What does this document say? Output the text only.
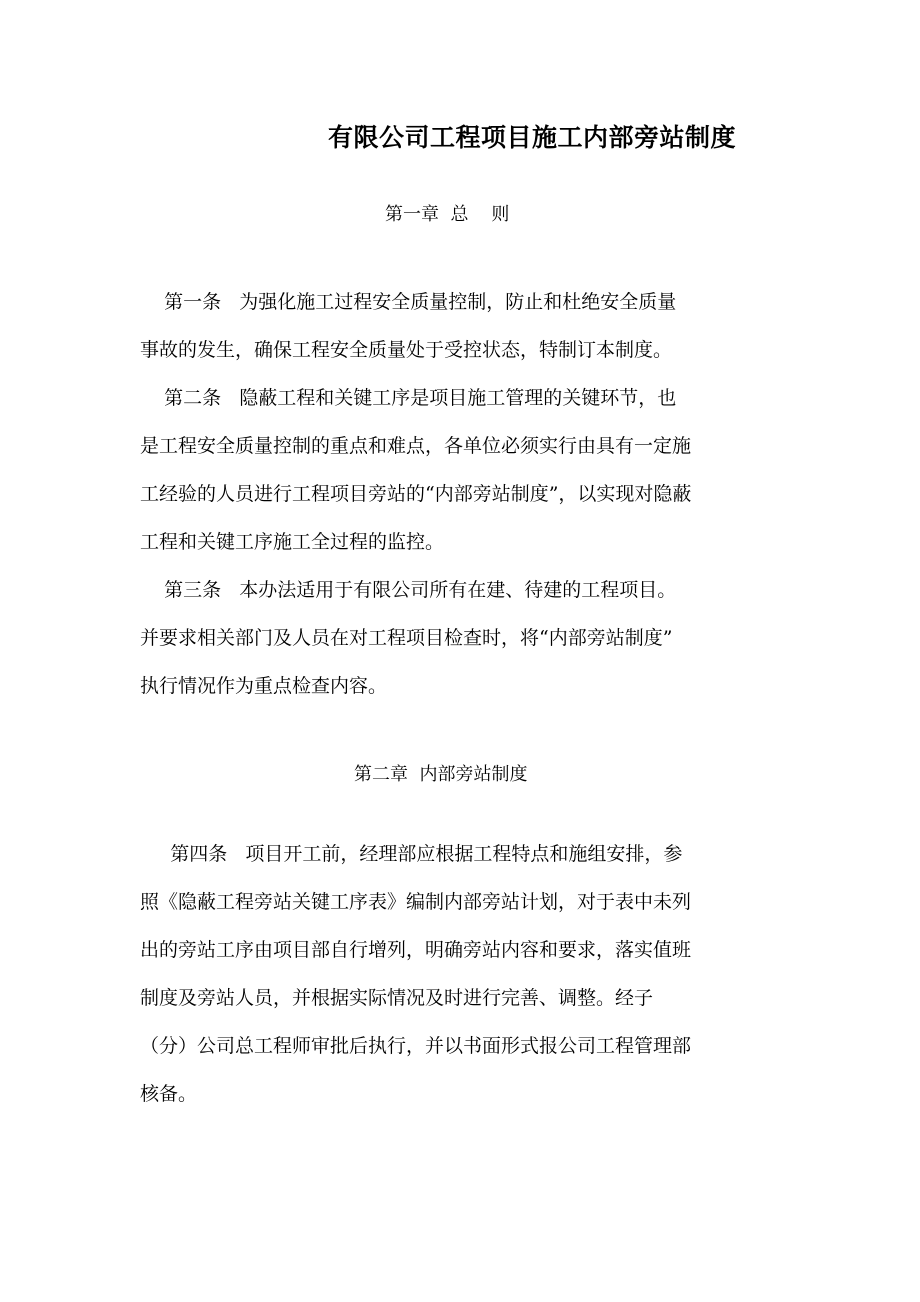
有限公司工程项目施工内部旁站制度
第一章  总    则
第一条   为强化施工过程安全质量控制，防止和杜绝安全质量
事故的发生，确保工程安全质量处于受控状态，特制订本制度。
第二条   隐蔽工程和关键工序是项目施工管理的关键环节，也
是工程安全质量控制的重点和难点，各单位必须实行由具有一定施
工经验的人员进行工程项目旁站的“内部旁站制度”，以实现对隐蔽
工程和关键工序施工全过程的监控。
第三条   本办法适用于有限公司所有在建、待建的工程项目。
并要求相关部门及人员在对工程项目检查时，将“内部旁站制度”
执行情况作为重点检查内容。
第二章  内部旁站制度
第四条   项目开工前，经理部应根据工程特点和施组安排，参
照《隐蔽工程旁站关键工序表》编制内部旁站计划，对于表中未列
出的旁站工序由项目部自行增列，明确旁站内容和要求，落实值班
制度及旁站人员，并根据实际情况及时进行完善、调整。经子
（分）公司总工程师审批后执行，并以书面形式报公司工程管理部
核备。
